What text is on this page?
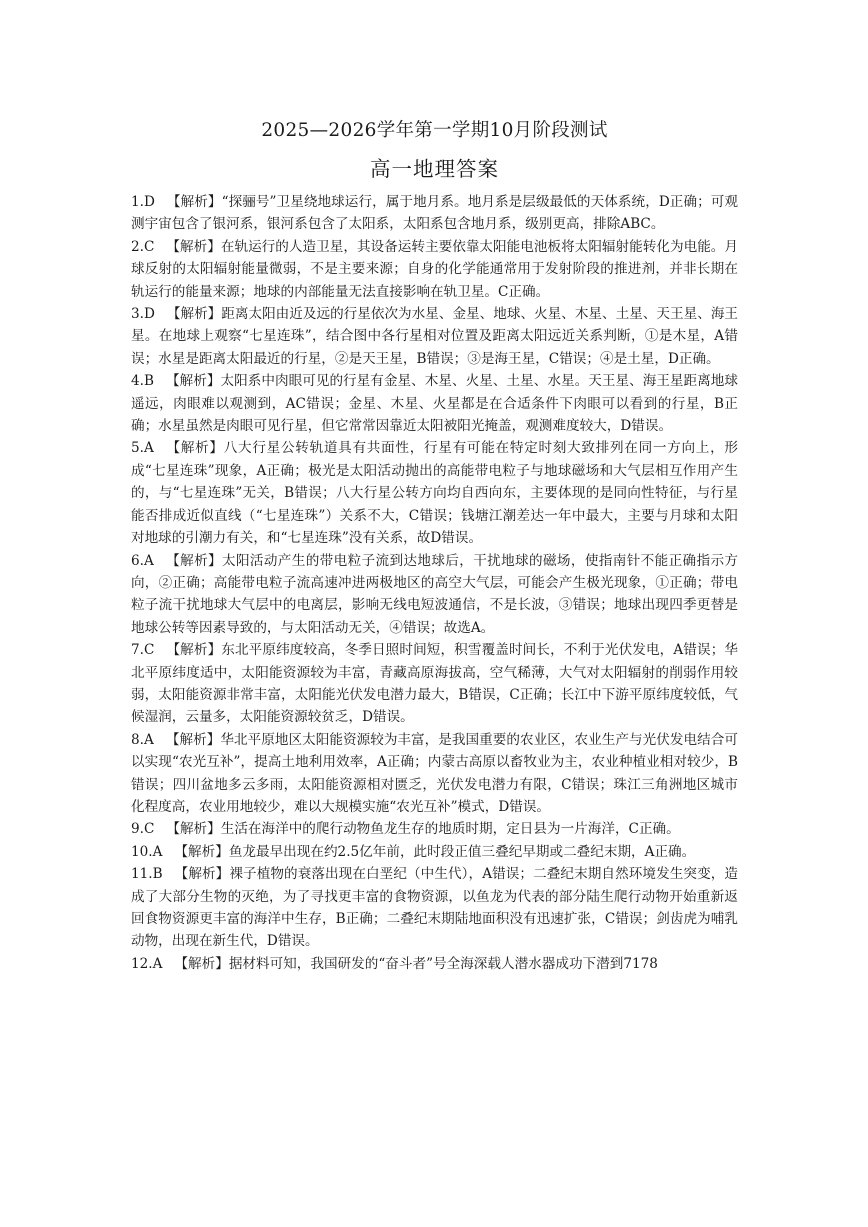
2025—2026学年第一学期10月阶段测试
高一地理答案

1.D 【解析】“探骊号”卫星绕地球运行，属于地月系。地月系是层级最低的天体系统，D正确；可观测宇宙包含了银河系，银河系包含了太阳系，太阳系包含地月系，级别更高，排除ABC。

2.C 【解析】在轨运行的人造卫星，其设备运转主要依靠太阳能电池板将太阳辐射能转化为电能。月球反射的太阳辐射能量微弱，不是主要来源；自身的化学能通常用于发射阶段的推进剂，并非长期在轨运行的能量来源；地球的内部能量无法直接影响在轨卫星。C正确。

3.D 【解析】距离太阳由近及远的行星依次为水星、金星、地球、火星、木星、土星、天王星、海王星。在地球上观察“七星连珠”，结合图中各行星相对位置及距离太阳远近关系判断，①是木星，A错误；水星是距离太阳最近的行星，②是天王星，B错误；③是海王星，C错误；④是土星，D正确。

4.B 【解析】太阳系中肉眼可见的行星有金星、木星、火星、土星、水星。天王星、海王星距离地球遥远，肉眼难以观测到，AC错误；金星、木星、火星都是在合适条件下肉眼可以看到的行星，B正确；水星虽然是肉眼可见行星，但它常常因靠近太阳被阳光掩盖，观测难度较大，D错误。

5.A 【解析】八大行星公转轨道具有共面性，行星有可能在特定时刻大致排列在同一方向上，形成“七星连珠”现象，A正确；极光是太阳活动抛出的高能带电粒子与地球磁场和大气层相互作用产生的，与“七星连珠”无关，B错误；八大行星公转方向均自西向东，主要体现的是同向性特征，与行星能否排成近似直线（“七星连珠”）关系不大，C错误；钱塘江潮差达一年中最大，主要与月球和太阳对地球的引潮力有关，和“七星连珠”没有关系，故D错误。

6.A 【解析】太阳活动产生的带电粒子流到达地球后，干扰地球的磁场，使指南针不能正确指示方向，②正确；高能带电粒子流高速冲进两极地区的高空大气层，可能会产生极光现象，①正确；带电粒子流干扰地球大气层中的电离层，影响无线电短波通信，不是长波，③错误；地球出现四季更替是地球公转等因素导致的，与太阳活动无关，④错误；故选A。

7.C 【解析】东北平原纬度较高，冬季日照时间短，积雪覆盖时间长，不利于光伏发电，A错误；华北平原纬度适中，太阳能资源较为丰富，青藏高原海拔高，空气稀薄，大气对太阳辐射的削弱作用较弱，太阳能资源非常丰富，太阳能光伏发电潜力最大，B错误，C正确；长江中下游平原纬度较低，气候湿润，云量多，太阳能资源较贫乏，D错误。

8.A 【解析】华北平原地区太阳能资源较为丰富，是我国重要的农业区，农业生产与光伏发电结合可以实现“农光互补”，提高土地利用效率，A正确；内蒙古高原以畜牧业为主，农业种植业相对较少，B错误；四川盆地多云多雨，太阳能资源相对匮乏，光伏发电潜力有限，C错误；珠江三角洲地区城市化程度高，农业用地较少，难以大规模实施“农光互补”模式，D错误。

9.C 【解析】生活在海洋中的爬行动物鱼龙生存的地质时期，定日县为一片海洋，C正确。

10.A 【解析】鱼龙最早出现在约2.5亿年前，此时段正值三叠纪早期或二叠纪末期，A正确。

11.B 【解析】裸子植物的衰落出现在白垩纪（中生代），A错误；二叠纪末期自然环境发生突变，造成了大部分生物的灭绝，为了寻找更丰富的食物资源，以鱼龙为代表的部分陆生爬行动物开始重新返回食物资源更丰富的海洋中生存，B正确；二叠纪末期陆地面积没有迅速扩张，C错误；剑齿虎为哺乳动物，出现在新生代，D错误。

12.A 【解析】据材料可知，我国研发的“奋斗者”号全海深载人潜水器成功下潜到7178
